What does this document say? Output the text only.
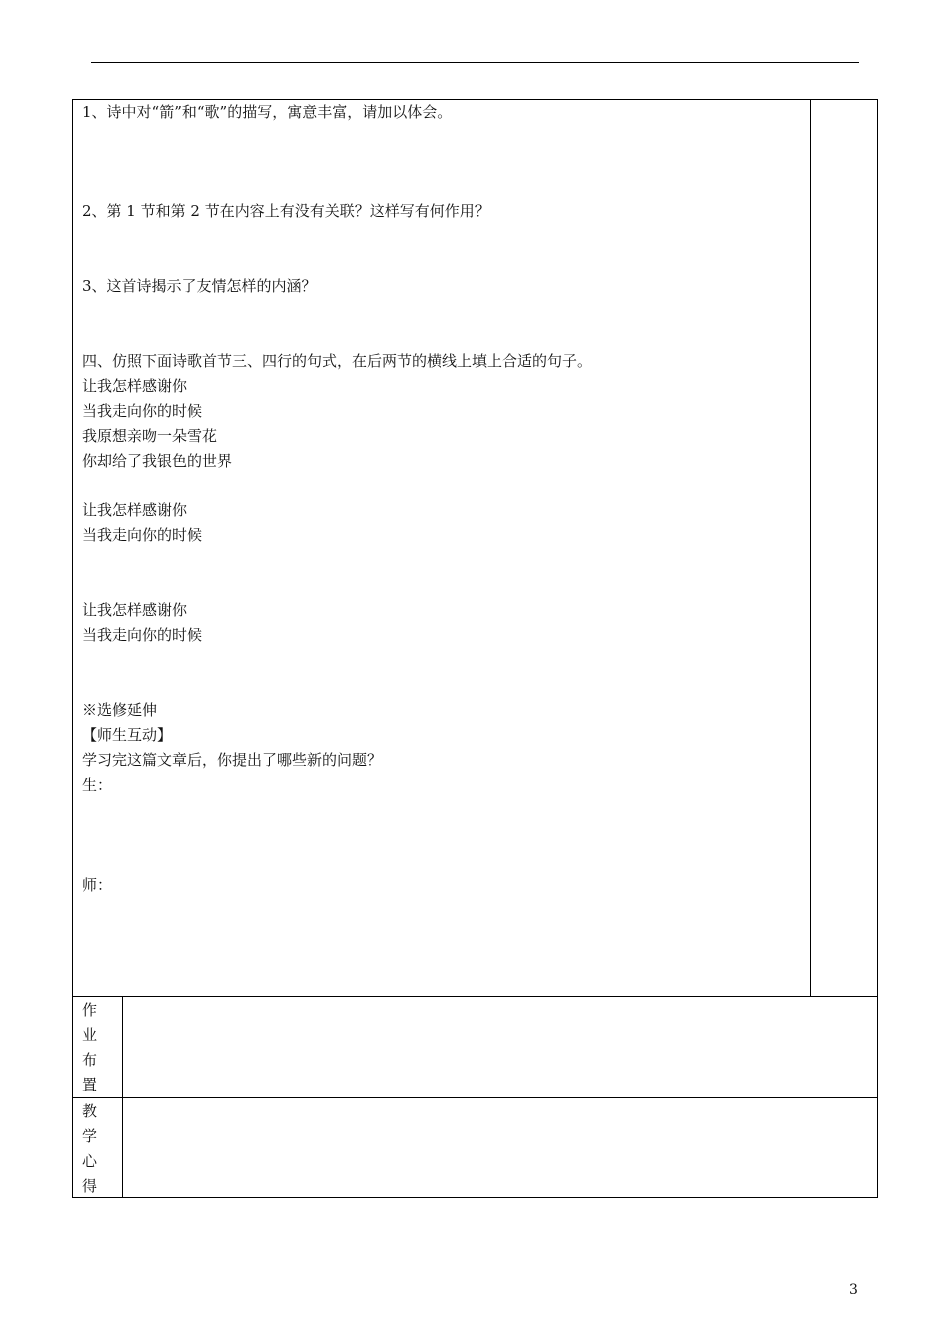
1、诗中对“箭”和“歌”的描写，寓意丰富，请加以体会。
2、第 1 节和第 2 节在内容上有没有关联？这样写有何作用？
3、这首诗揭示了友情怎样的内涵？
四、仿照下面诗歌首节三、四行的句式，在后两节的横线上填上合适的句子。
让我怎样感谢你
当我走向你的时候
我原想亲吻一朵雪花
你却给了我银色的世界
让我怎样感谢你
当我走向你的时候
让我怎样感谢你
当我走向你的时候
※选修延伸
【师生互动】
学习完这篇文章后，你提出了哪些新的问题？
生：
师：
作
业
布
置
教
学
心
得
3
